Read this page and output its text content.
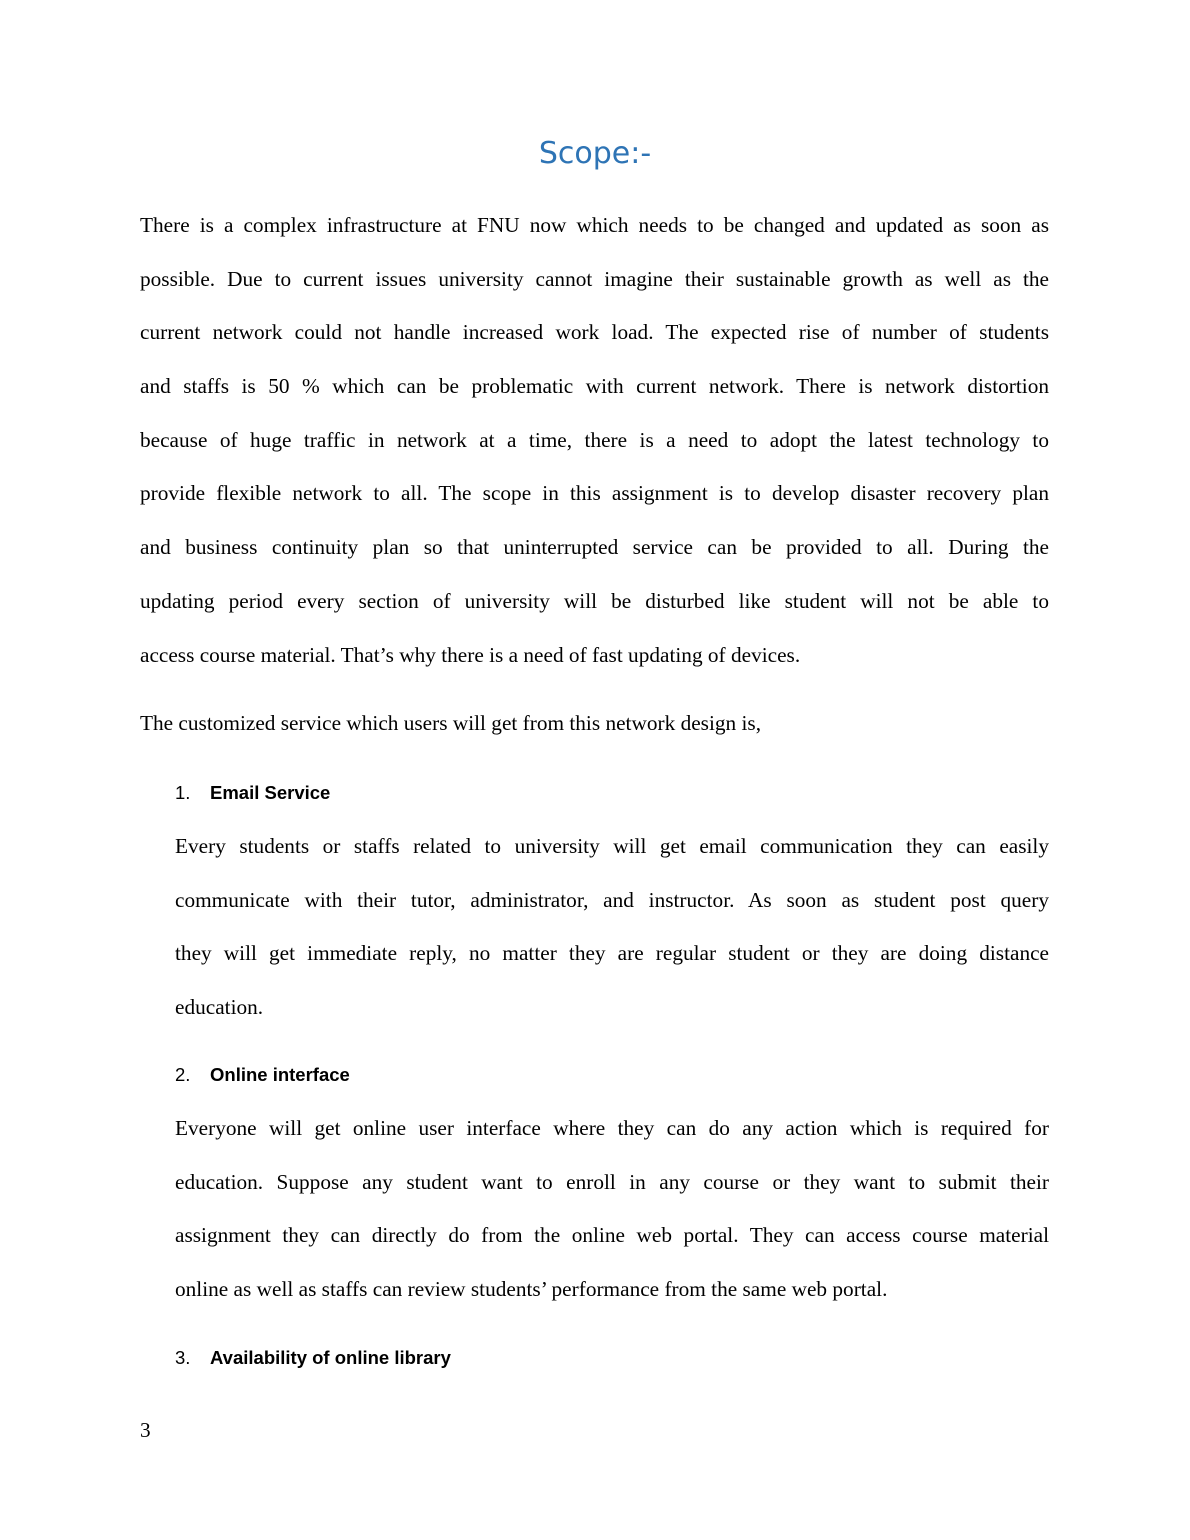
Scope:-
There is a complex infrastructure at FNU now which needs to be changed and updated as soon as
possible. Due to current issues university cannot imagine their sustainable growth as well as the
current network could not handle increased work load. The expected rise of number of students
and staffs is 50 % which can be problematic with current network. There is network distortion
because of huge traffic in network at a time, there is a need to adopt the latest technology to
provide flexible network to all. The scope in this assignment is to develop disaster recovery plan
and business continuity plan so that uninterrupted service can be provided to all. During the
updating period every section of university will be disturbed like student will not be able to
access course material. That’s why there is a need of fast updating of devices.
The customized service which users will get from this network design is,
1. Email Service
Every students or staffs related to university will get email communication they can easily
communicate with their tutor, administrator, and instructor. As soon as student post query
they will get immediate reply, no matter they are regular student or they are doing distance
education.
2. Online interface
Everyone will get online user interface where they can do any action which is required for
education. Suppose any student want to enroll in any course or they want to submit their
assignment they can directly do from the online web portal. They can access course material
online as well as staffs can review students’ performance from the same web portal.
3. Availability of online library
3
